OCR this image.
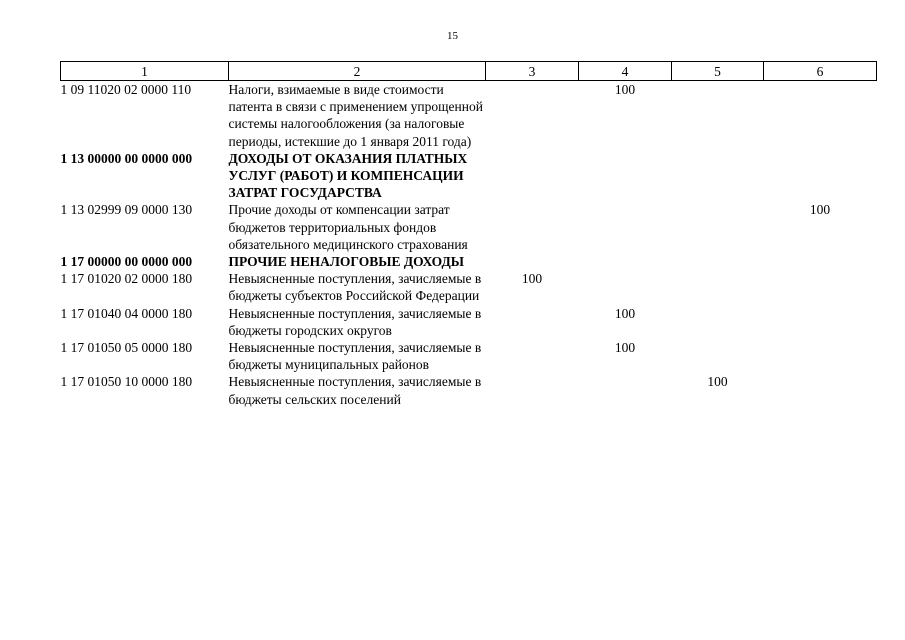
15
1	2	3	4	5	6
1 09 11020 02 0000 110	Налоги, взимаемые в виде стоимости патента в связи с применением упрощенной системы налогообложения (за налоговые периоды, истекшие до 1 января 2011 года)		100		
1 13 00000 00 0000 000	ДОХОДЫ ОТ ОКАЗАНИЯ ПЛАТНЫХ УСЛУГ (РАБОТ) И КОМПЕНСАЦИИ ЗАТРАТ ГОСУДАРСТВА				
1 13 02999 09 0000 130	Прочие доходы от компенсации затрат бюджетов территориальных фондов обязательного медицинского страхования				100
1 17 00000 00 0000 000	ПРОЧИЕ НЕНАЛОГОВЫЕ ДОХОДЫ				
1 17 01020 02 0000 180	Невыясненные поступления, зачисляемые в бюджеты субъектов Российской Федерации	100			
1 17 01040 04 0000 180	Невыясненные поступления, зачисляемые в бюджеты городских округов		100		
1 17 01050 05 0000 180	Невыясненные поступления, зачисляемые в бюджеты муниципальных районов		100		
1 17 01050 10 0000 180	Невыясненные поступления, зачисляемые в бюджеты сельских поселений			100	
